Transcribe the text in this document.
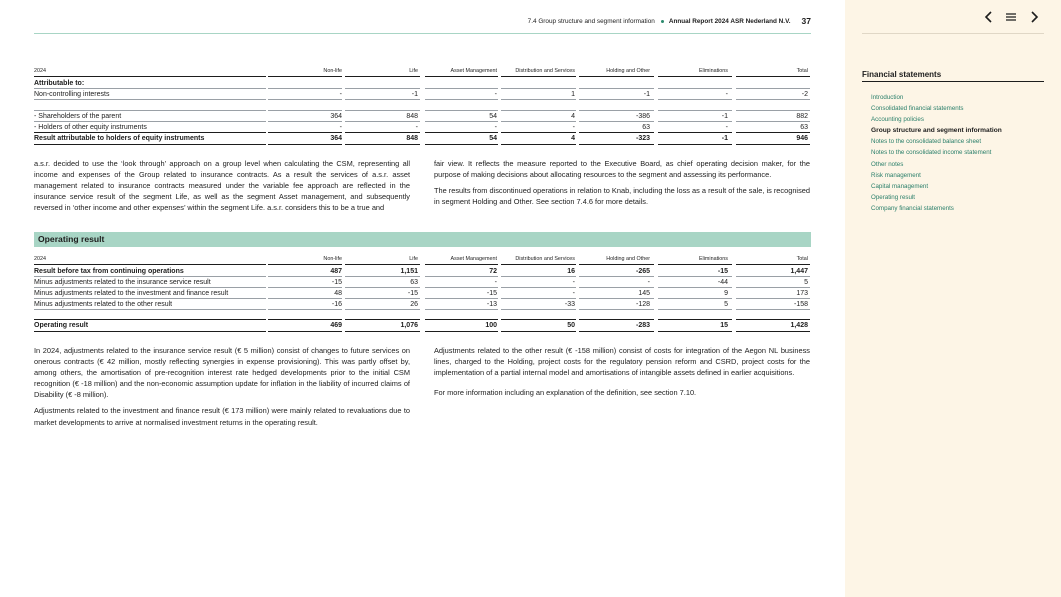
7.4 Group structure and segment information Annual Report 2024 ASR Nederland N.V. 37
2024	Non-life	Life	Asset Management	Distribution and Services	Holding and Other	Eliminations	Total
Attributable to:
Non-controlling interests	-	-1	-	1	-1	-	-2
- Shareholders of the parent	364	848	54	4	-386	-1	882
- Holders of other equity instruments	-	-	-	-	63	-	63
Result attributable to holders of equity instruments	364	848	54	4	-323	-1	946

a.s.r. decided to use the ‘look through’ approach on a group level when calculating the CSM, representing all income and expenses of the Group related to insurance contracts. As a result the services of a.s.r. asset management related to insurance contracts measured under the variable fee approach are reflected in the insurance service result of the segment Life, as well as the segment Asset management, and subsequently reversed in ‘other income and other expenses’ within the segment Life. a.s.r. considers this to be a true and

fair view. It reflects the measure reported to the Executive Board, as chief operating decision maker, for the purpose of making decisions about allocating resources to the segment and assessing its performance.

The results from discontinued operations in relation to Knab, including the loss as a result of the sale, is recognised in segment Holding and Other. See section 7.4.6 for more details.

Operating result
2024	Non-life	Life	Asset Management	Distribution and Services	Holding and Other	Eliminations	Total
Result before tax from continuing operations	487	1,151	72	16	-265	-15	1,447
Minus adjustments related to the insurance service result	-15	63	-	-	-	-44	5
Minus adjustments related to the investment and finance result	48	-15	-15	-	145	9	173
Minus adjustments related to the other result	-16	26	-13	-33	-128	5	-158
Operating result	469	1,076	100	50	-283	15	1,428

In 2024, adjustments related to the insurance service result (€ 5 million) consist of changes to future services on onerous contracts (€ 42 million, mostly reflecting synergies in expense provisioning). This was partly offset by, among others, the amortisation of pre-recognition interest rate hedged developments prior to the initial CSM recognition (€ -18 million) and the non-economic assumption update for inflation in the liability of incurred claims of Disability (€ -8 million).

Adjustments related to the investment and finance result (€ 173 million) were mainly related to revaluations due to market developments to arrive at normalised investment returns in the operating result.

Adjustments related to the other result (€ -158 million) consist of costs for integration of the Aegon NL business lines, charged to the Holding, project costs for the regulatory pension reform and CSRD, project costs for the implementation of a partial internal model and amortisations of intangible assets defined in earlier acquisitions.

For more information including an explanation of the definition, see section 7.10.

Financial statements
Introduction
Consolidated financial statements
Accounting policies
Group structure and segment information
Notes to the consolidated balance sheet
Notes to the consolidated income statement
Other notes
Risk management
Capital management
Operating result
Company financial statements
